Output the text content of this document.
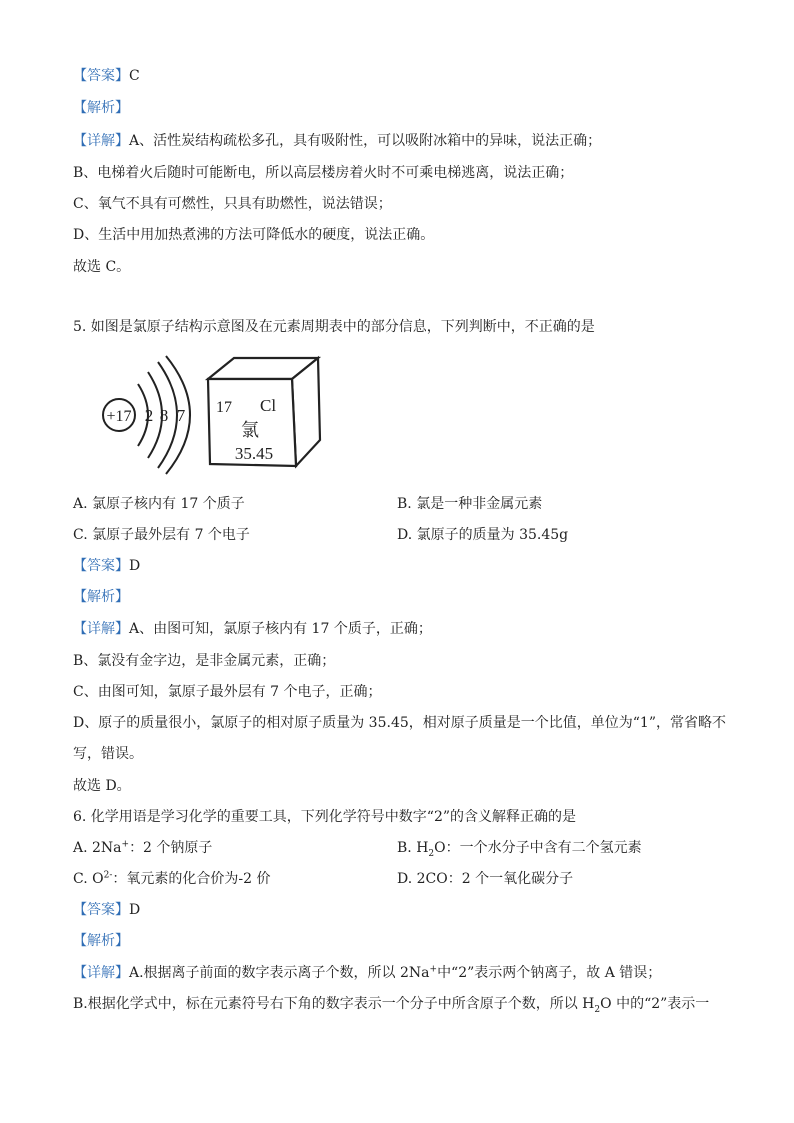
【答案】C
【解析】
【详解】A、活性炭结构疏松多孔，具有吸附性，可以吸附冰箱中的异味，说法正确；
B、电梯着火后随时可能断电，所以高层楼房着火时不可乘电梯逃离，说法正确；
C、氧气不具有可燃性，只具有助燃性，说法错误；
D、生活中用加热煮沸的方法可降低水的硬度，说法正确。
故选 C。
5. 如图是氯原子结构示意图及在元素周期表中的部分信息，下列判断中，不正确的是
+17 2 8 7 17 Cl
氯
35.45
A. 氯原子核内有 17 个质子	B. 氯是一种非金属元素
C. 氯原子最外层有 7 个电子	D. 氯原子的质量为 35.45g
【答案】D
【解析】
【详解】A、由图可知，氯原子核内有 17 个质子，正确；
B、氯没有金字边，是非金属元素，正确；
C、由图可知，氯原子最外层有 7 个电子，正确；
D、原子的质量很小，氯原子的相对原子质量为 35.45，相对原子质量是一个比值，单位为“1”，常省略不
写，错误。
故选 D。
6. 化学用语是学习化学的重要工具，下列化学符号中数字“2”的含义解释正确的是
A. 2Na+：2 个钠原子	B. $H_2O$：一个水分子中含有二个氢元素
C. $O^{2-}$：氧元素的化合价为-2 价	D. 2CO：2 个一氧化碳分子
【答案】D
【解析】
【详解】A.根据离子前面的数字表示离子个数，所以 2Na+中“2”表示两个钠离子，故 A 错误；
B.根据化学式中，标在元素符号右下角的数字表示一个分子中所含原子个数，所以 $H_2O$ 中的“2”表示一
